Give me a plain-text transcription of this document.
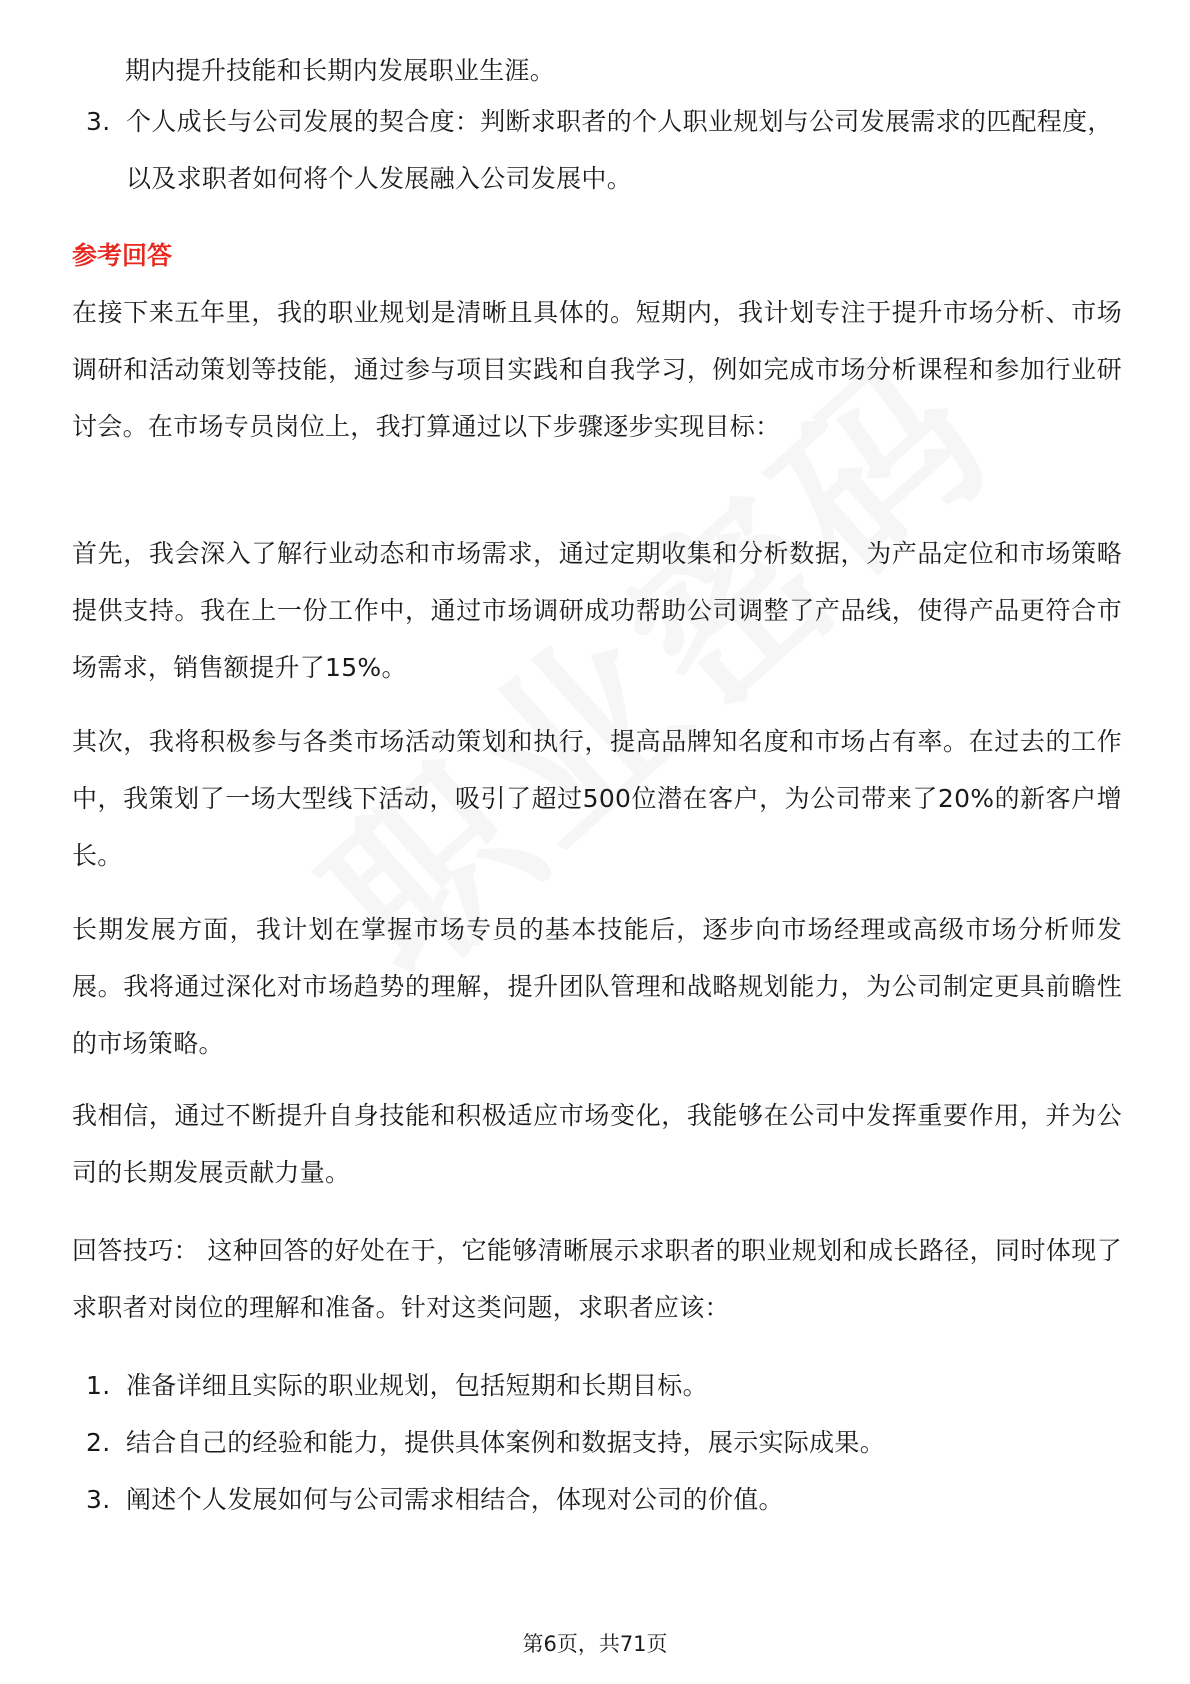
期内提升技能和长期内发展职业生涯。
3. 个人成长与公司发展的契合度：判断求职者的个人职业规划与公司发展需求的匹配程度，以及求职者如何将个人发展融入公司发展中。
参考回答

在接下来五年里，我的职业规划是清晰且具体的。短期内，我计划专注于提升市场分析、市场调研和活动策划等技能，通过参与项目实践和自我学习，例如完成市场分析课程和参加行业研讨会。在市场专员岗位上，我打算通过以下步骤逐步实现目标：

首先，我会深入了解行业动态和市场需求，通过定期收集和分析数据，为产品定位和市场策略提供支持。我在上一份工作中，通过市场调研成功帮助公司调整了产品线，使得产品更符合市场需求，销售额提升了15%。

其次，我将积极参与各类市场活动策划和执行，提高品牌知名度和市场占有率。在过去的工作中，我策划了一场大型线下活动，吸引了超过500位潜在客户，为公司带来了20%的新客户增长。

长期发展方面，我计划在掌握市场专员的基本技能后，逐步向市场经理或高级市场分析师发展。我将通过深化对市场趋势的理解，提升团队管理和战略规划能力，为公司制定更具前瞻性的市场策略。

我相信，通过不断提升自身技能和积极适应市场变化，我能够在公司中发挥重要作用，并为公司的长期发展贡献力量。

回答技巧： 这种回答的好处在于，它能够清晰展示求职者的职业规划和成长路径，同时体现了求职者对岗位的理解和准备。针对这类问题，求职者应该：

1. 准备详细且实际的职业规划，包括短期和长期目标。
2. 结合自己的经验和能力，提供具体案例和数据支持，展示实际成果。
3. 阐述个人发展如何与公司需求相结合，体现对公司的价值。
第6页，共71页
